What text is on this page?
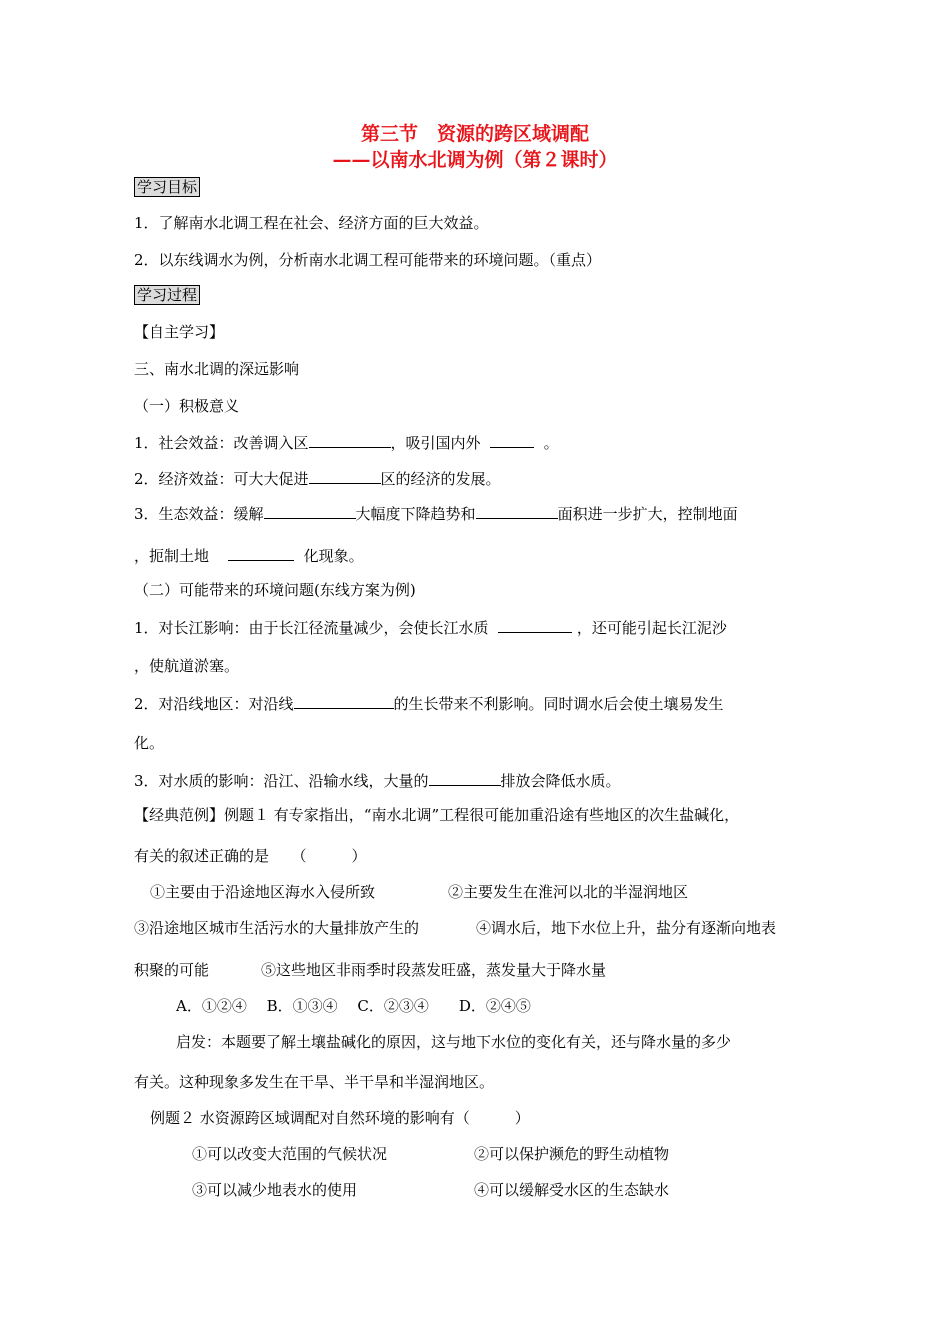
第三节　资源的跨区域调配
——以南水北调为例（第２课时）
学习目标
1．了解南水北调工程在社会、经济方面的巨大效益。
2．以东线调水为例，分析南水北调工程可能带来的环境问题。（重点）
学习过程
【自主学习】
三、南水北调的深远影响
（一）积极意义
1．社会效益：改善调入区	，吸引国内外	。
2．经济效益：可大大促进	区的经济的发展。
3．生态效益：缓解	大幅度下降趋势和	面积进一步扩大，控制地面
，扼制土地	化现象。
（二）可能带来的环境问题(东线方案为例)
1．对长江影响：由于长江径流量减少，会使长江水质	，还可能引起长江泥沙
，使航道淤塞。
2．对沿线地区：对沿线	的生长带来不利影响。同时调水后会使土壤易发生
化。
3．对水质的影响：沿江、沿输水线，大量的	排放会降低水质。
【经典范例】例题１ 有专家指出，“南水北调”工程很可能加重沿途有些地区的次生盐碱化，
有关的叙述正确的是　　（　　　）
①主要由于沿途地区海水入侵所致	②主要发生在淮河以北的半湿润地区
③沿途地区城市生活污水的大量排放产生的	④调水后，地下水位上升，盐分有逐渐向地表
积聚的可能	⑤这些地区非雨季时段蒸发旺盛，蒸发量大于降水量
A．①②④　 B．①③④　 C．②③④　　D．②④⑤
启发：本题要了解土壤盐碱化的原因，这与地下水位的变化有关，还与降水量的多少
有关。这种现象多发生在干旱、半干旱和半湿润地区。
例题２ 水资源跨区域调配对自然环境的影响有（　　　）
①可以改变大范围的气候状况	②可以保护濒危的野生动植物
③可以减少地表水的使用	④可以缓解受水区的生态缺水
